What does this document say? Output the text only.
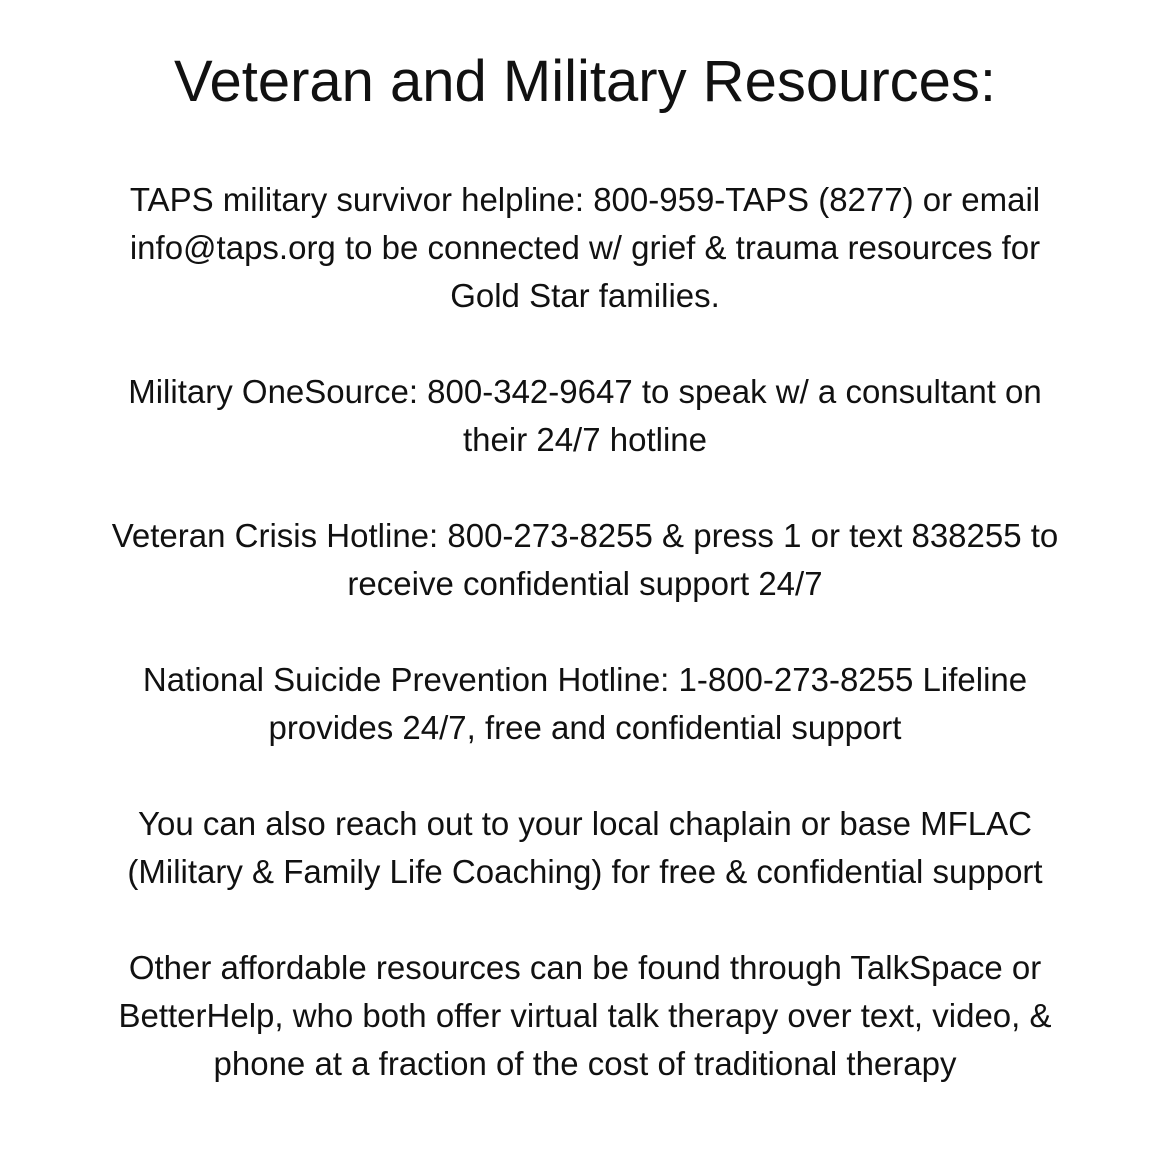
Veteran and Military Resources:

TAPS military survivor helpline: 800-959-TAPS (8277) or email
info@taps.org to be connected w/ grief & trauma resources for
Gold Star families.

Military OneSource: 800-342-9647 to speak w/ a consultant on
their 24/7 hotline

Veteran Crisis Hotline: 800-273-8255 & press 1 or text 838255 to
receive confidential support 24/7

National Suicide Prevention Hotline: 1-800-273-8255 Lifeline
provides 24/7, free and confidential support

You can also reach out to your local chaplain or base MFLAC
(Military & Family Life Coaching) for free & confidential support

Other affordable resources can be found through TalkSpace or
BetterHelp, who both offer virtual talk therapy over text, video, &
phone at a fraction of the cost of traditional therapy
